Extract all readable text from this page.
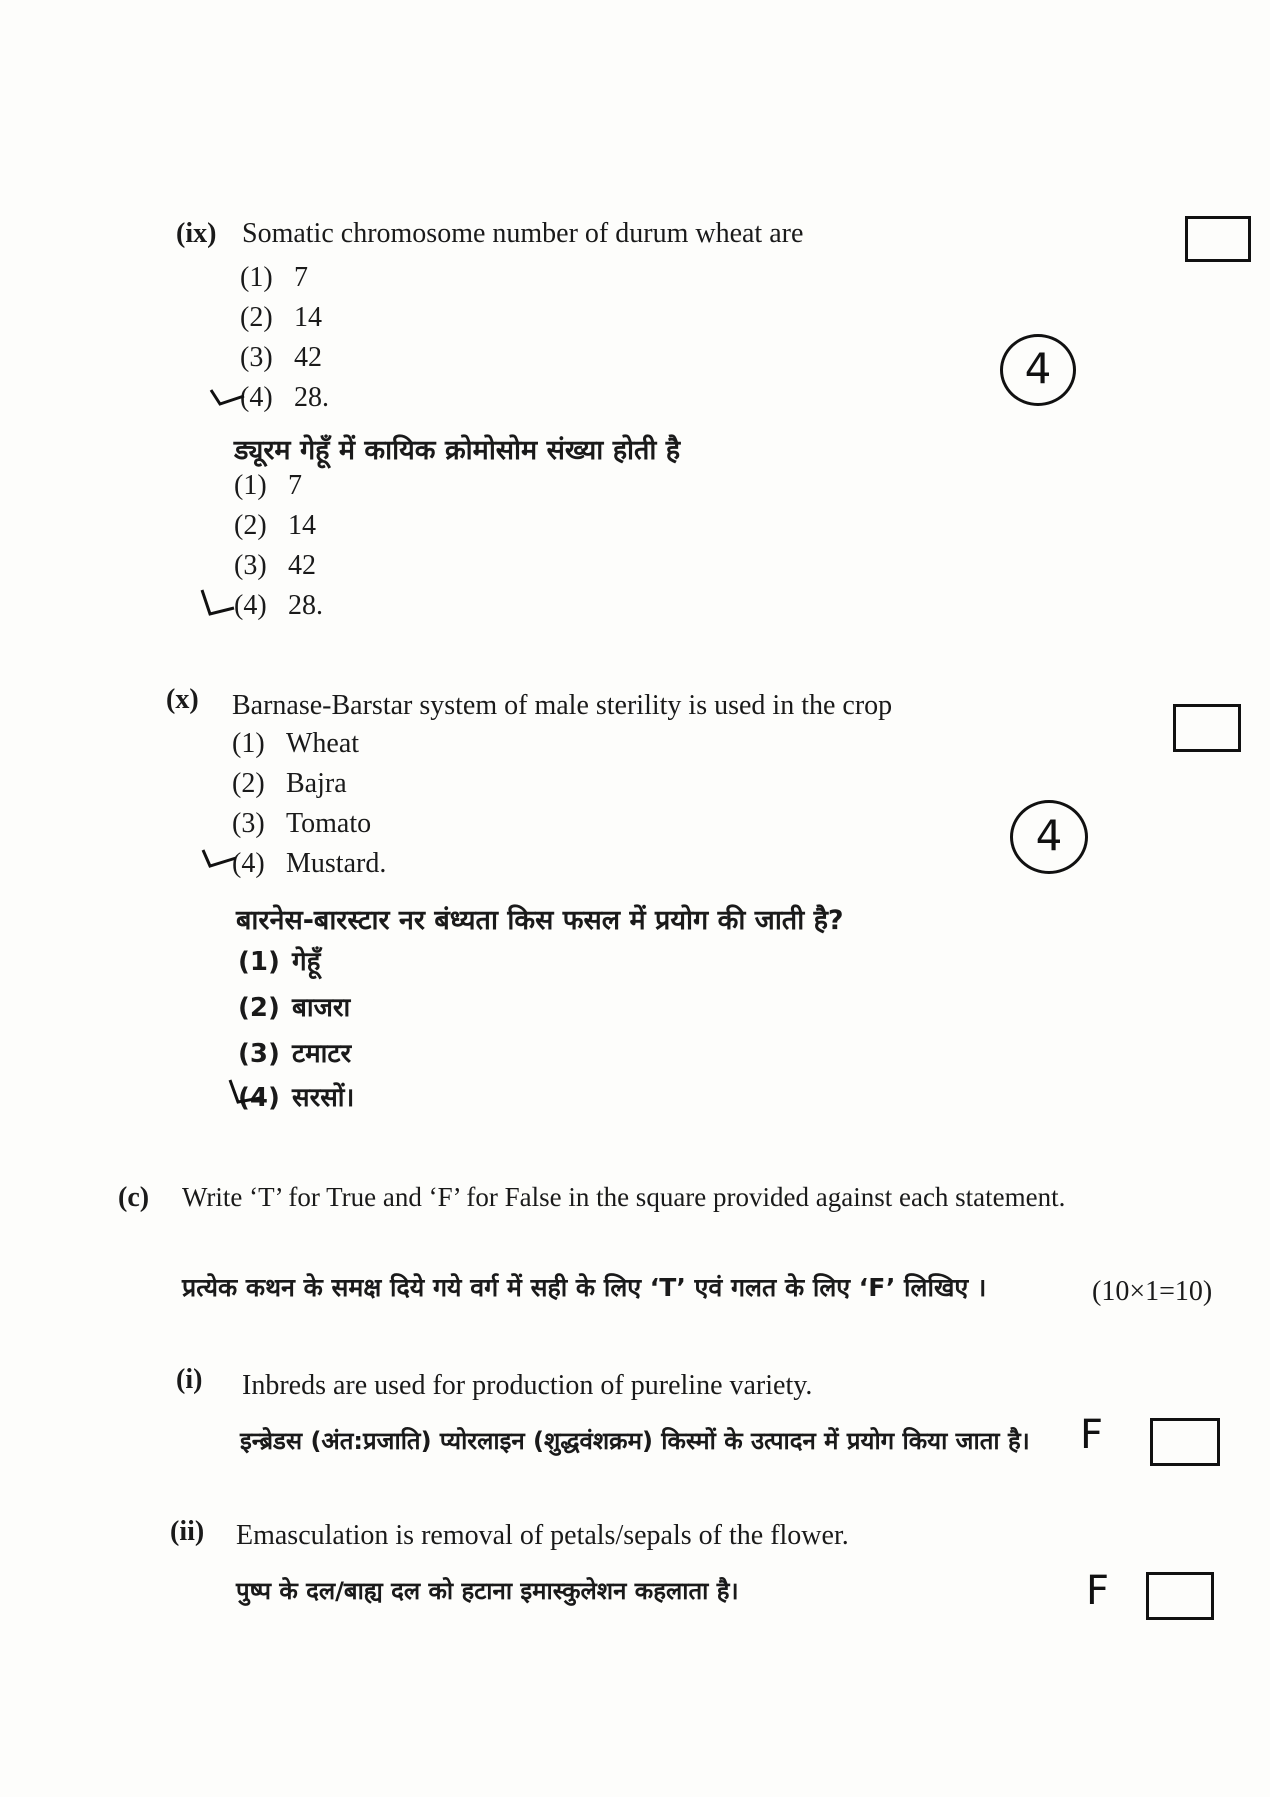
(ix) Somatic chromosome number of durum wheat are
(1) 7
(2) 14
(3) 42
(4) 28.
4
ड्यूरम गेहूँ में कायिक क्रोमोसोम संख्या होती है
(1) 7
(2) 14
(3) 42
(4) 28.
(x) Barnase-Barstar system of male sterility is used in the crop
(1) Wheat
(2) Bajra
(3) Tomato
(4) Mustard.
4
बारनेस-बारस्टार नर बंध्यता किस फसल में प्रयोग की जाती है?
(1) गेहूँ
(2) बाजरा
(3) टमाटर
(4) सरसों।
(c) Write ‘T’ for True and ‘F’ for False in the square provided against each statement.
प्रत्येक कथन के समक्ष दिये गये वर्ग में सही के लिए ‘T’ एवं गलत के लिए ‘F’ लिखिए ।	(10×1=10)
(i) Inbreds are used for production of pureline variety.
इन्ब्रेडस (अंत:प्रजाति) प्योरलाइन (शुद्धवंशक्रम) किस्मों के उत्पादन में प्रयोग किया जाता है। F
(ii) Emasculation is removal of petals/sepals of the flower.
पुष्प के दल/बाह्य दल को हटाना इमास्कुलेशन कहलाता है।	F
